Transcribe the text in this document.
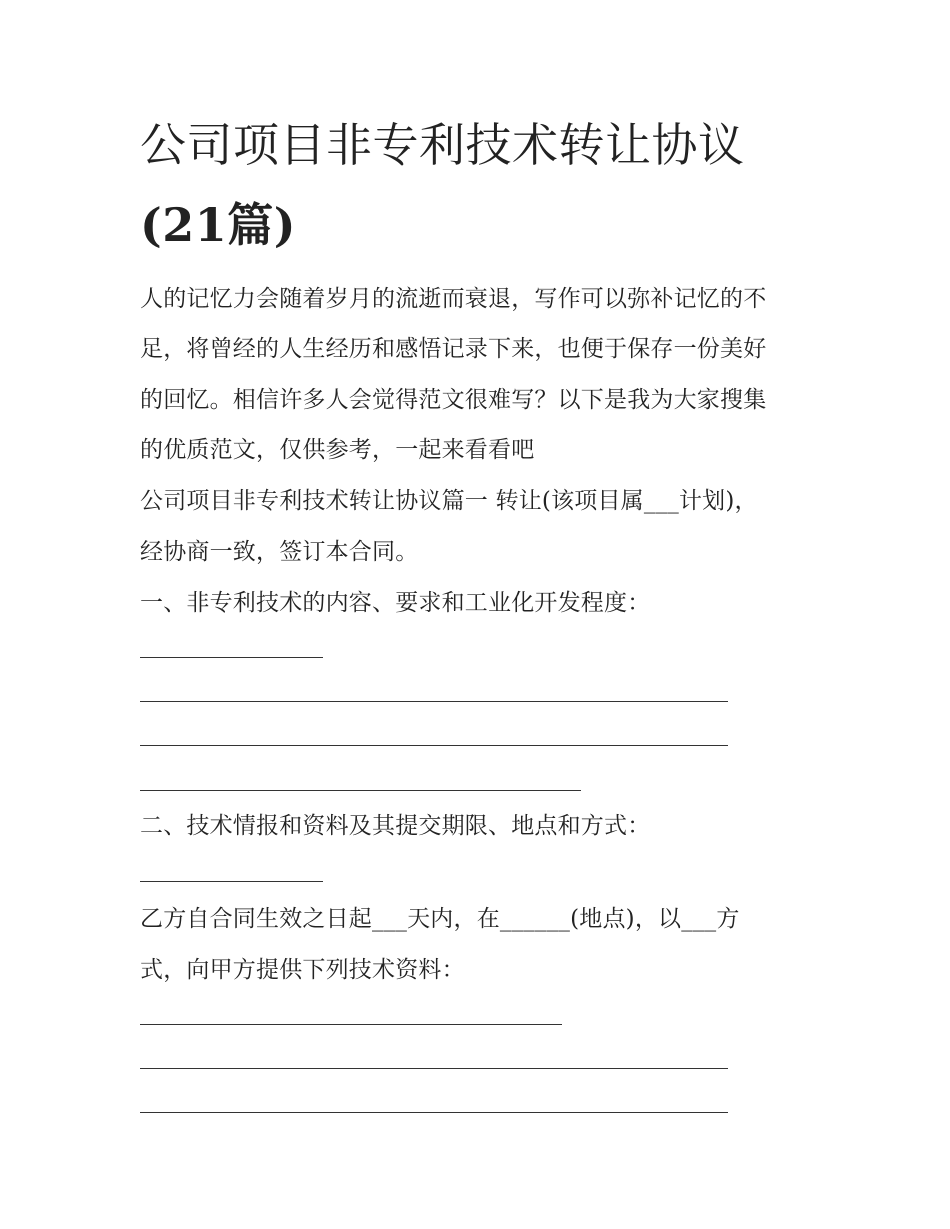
公司项目非专利技术转让协议
(21篇)
人的记忆力会随着岁月的流逝而衰退，写作可以弥补记忆的不
足，将曾经的人生经历和感悟记录下来，也便于保存一份美好
的回忆。相信许多人会觉得范文很难写？以下是我为大家搜集
的优质范文，仅供参考，一起来看看吧
公司项目非专利技术转让协议篇一 转让(该项目属___计划)，
经协商一致，签订本合同。
一、非专利技术的内容、要求和工业化开发程度：
二、技术情报和资料及其提交期限、地点和方式：
乙方自合同生效之日起___天内，在______(地点)，以___方
式，向甲方提供下列技术资料：
